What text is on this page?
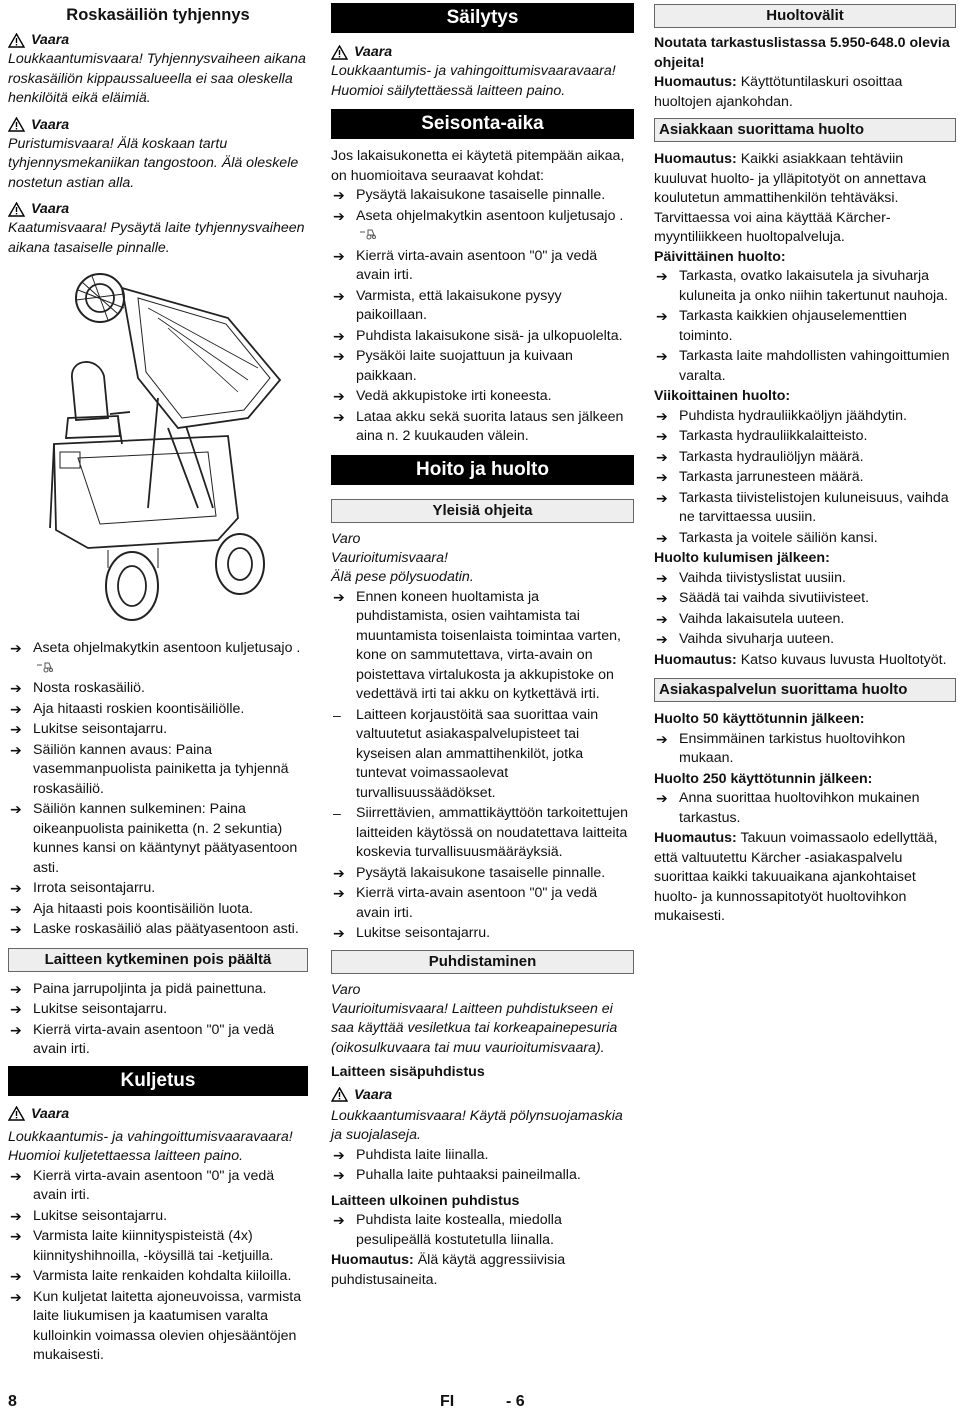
Roskasäiliön tyhjennys
Vaara

Loukkaantumisvaara! Tyhjennysvaiheen aikana roskasäiliön kippaussalueella ei saa oleskella henkilöitä eikä eläimiä.

Vaara

Puristumisvaara! Älä koskaan tartu tyhjennysmekaniikan tangostoon. Älä oleskele nostetun astian alla.

Vaara

Kaatumisvaara! Pysäytä laite tyhjennysvaiheen aikana tasaiselle pinnalle.

➔ Aseta ohjelmakytkin asentoon kuljetusajo .
➔ Nosta roskasäiliö.
➔ Aja hitaasti roskien koontisäiliölle.
➔ Lukitse seisontajarru.
➔ Säiliön kannen avaus: Paina vasemmanpuolista painiketta ja tyhjennä roskasäiliö.
➔ Säiliön kannen sulkeminen: Paina oikeanpuolista painiketta (n. 2 sekuntia) kunnes kansi on kääntynyt päätyasentoon asti.
➔ Irrota seisontajarru.
➔ Aja hitaasti pois koontisäiliön luota.
➔ Laske roskasäiliö alas päätyasentoon asti.
Laitteen kytkeminen pois päältä
➔ Paina jarrupoljinta ja pidä painettuna.
➔ Lukitse seisontajarru.
➔ Kierrä virta-avain asentoon "0" ja vedä avain irti.
Kuljetus
Vaara

Loukkaantumis- ja vahingoittumisvaaravaara! Huomioi kuljetettaessa laitteen paino.

➔ Kierrä virta-avain asentoon "0" ja vedä avain irti.
➔ Lukitse seisontajarru.
➔ Varmista laite kiinnityspisteistä (4x) kiinnityshihnoilla, -köysillä tai -ketjuilla.
➔ Varmista laite renkaiden kohdalta kiiloilla.
➔ Kun kuljetat laitetta ajoneuvoissa, varmista laite liukumisen ja kaatumisen varalta kulloinkin voimassa olevien ohjesääntöjen mukaisesti.
Säilytys
Vaara

Loukkaantumis- ja vahingoittumisvaaravaara! Huomioi säilytettäessä laitteen paino.

Seisonta-aika

Jos lakaisukonetta ei käytetä pitempään aikaa, on huomioitava seuraavat kohdat:

➔ Pysäytä lakaisukone tasaiselle pinnalle.
➔ Aseta ohjelmakytkin asentoon kuljetusajo .
➔ Kierrä virta-avain asentoon "0" ja vedä avain irti.
➔ Varmista, että lakaisukone pysyy paikoillaan.
➔ Puhdista lakaisukone sisä- ja ulkopuolelta.
➔ Pysäköi laite suojattuun ja kuivaan paikkaan.
➔ Vedä akkupistoke irti koneesta.
➔ Lataa akku sekä suorita lataus sen jälkeen aina n. 2 kuukauden välein.
Hoito ja huolto
Yleisiä ohjeita

Varo

Vaurioitumisvaara!

Älä pese pölysuodatin.

➔ Ennen koneen huoltamista ja puhdistamista, osien vaihtamista tai muuntamista toisenlaista toimintaa varten, kone on sammutettava, virta-avain on poistettava virtalukosta ja akkupistoke on vedettävä irti tai akku on kytkettävä irti.
– Laitteen korjaustöitä saa suorittaa vain valtuutetut asiakaspalvelupisteet tai kyseisen alan ammattihenkilöt, jotka tuntevat voimassaolevat turvallisuussäädökset.
– Siirrettävien, ammattikäyttöön tarkoitettujen laitteiden käytössä on noudatettava laitteita koskevia turvallisuusmääräyksiä.
➔ Pysäytä lakaisukone tasaiselle pinnalle.
➔ Kierrä virta-avain asentoon "0" ja vedä avain irti.
➔ Lukitse seisontajarru.
Puhdistaminen

Varo

Vaurioitumisvaara! Laitteen puhdistukseen ei saa käyttää vesiletkua tai korkeapainepesuria (oikosulkuvaara tai muu vaurioitumisvaara).

Laitteen sisäpuhdistus

Vaara

Loukkaantumisvaara! Käytä pölynsuojamaskia ja suojalaseja.

➔ Puhdista laite liinalla.
➔ Puhalla laite puhtaaksi paineilmalla.

Laitteen ulkoinen puhdistus

➔ Puhdista laite kostealla, miedolla pesulipeällä kostutetulla liinalla.

Huomautus: Älä käytä aggressiivisia puhdistusaineita.

Huoltovälit

Noutata tarkastuslistassa 5.950-648.0 olevia ohjeita!

Huomautus: Käyttötuntilaskuri osoittaa huoltojen ajankohdan.

Asiakkaan suorittama huolto

Huomautus: Kaikki asiakkaan tehtäviin kuuluvat huolto- ja ylläpitotyöt on annettava koulutetun ammattihenkilön tehtäväksi. Tarvittaessa voi aina käyttää Kärcher-myyntiliikkeen huoltopalveluja.

Päivittäinen huolto:

➔ Tarkasta, ovatko lakaisutela ja sivuharja kuluneita ja onko niihin takertunut nauhoja.
➔ Tarkasta kaikkien ohjauselementtien toiminto.
➔ Tarkasta laite mahdollisten vahingoittumien varalta.

Viikoittainen huolto:

➔ Puhdista hydrauliikkaöljyn jäähdytin.
➔ Tarkasta hydrauliikkalaitteisto.
➔ Tarkasta hydrauliöljyn määrä.
➔ Tarkasta jarrunesteen määrä.
➔ Tarkasta tiivistelistojen kuluneisuus, vaihda ne tarvittaessa uusiin.
➔ Tarkasta ja voitele säiliön kansi.

Huolto kulumisen jälkeen:

➔ Vaihda tiivistyslistat uusiin.
➔ Säädä tai vaihda sivutiivisteet.
➔ Vaihda lakaisutela uuteen.
➔ Vaihda sivuharja uuteen.

Huomautus: Katso kuvaus luvusta Huoltotyöt.

Asiakaspalvelun suorittama huolto

Huolto 50 käyttötunnin jälkeen:

➔ Ensimmäinen tarkistus huoltovihkon mukaan.

Huolto 250 käyttötunnin jälkeen:

➔ Anna suorittaa huoltovihkon mukainen tarkastus.

Huomautus: Takuun voimassaolo edellyttää, että valtuutettu Kärcher -asiakaspalvelu suorittaa kaikki takuuaikana ajankohtaiset huolto- ja kunnossapitotyöt huoltovihkon mukaisesti.

8	FI	- 6
